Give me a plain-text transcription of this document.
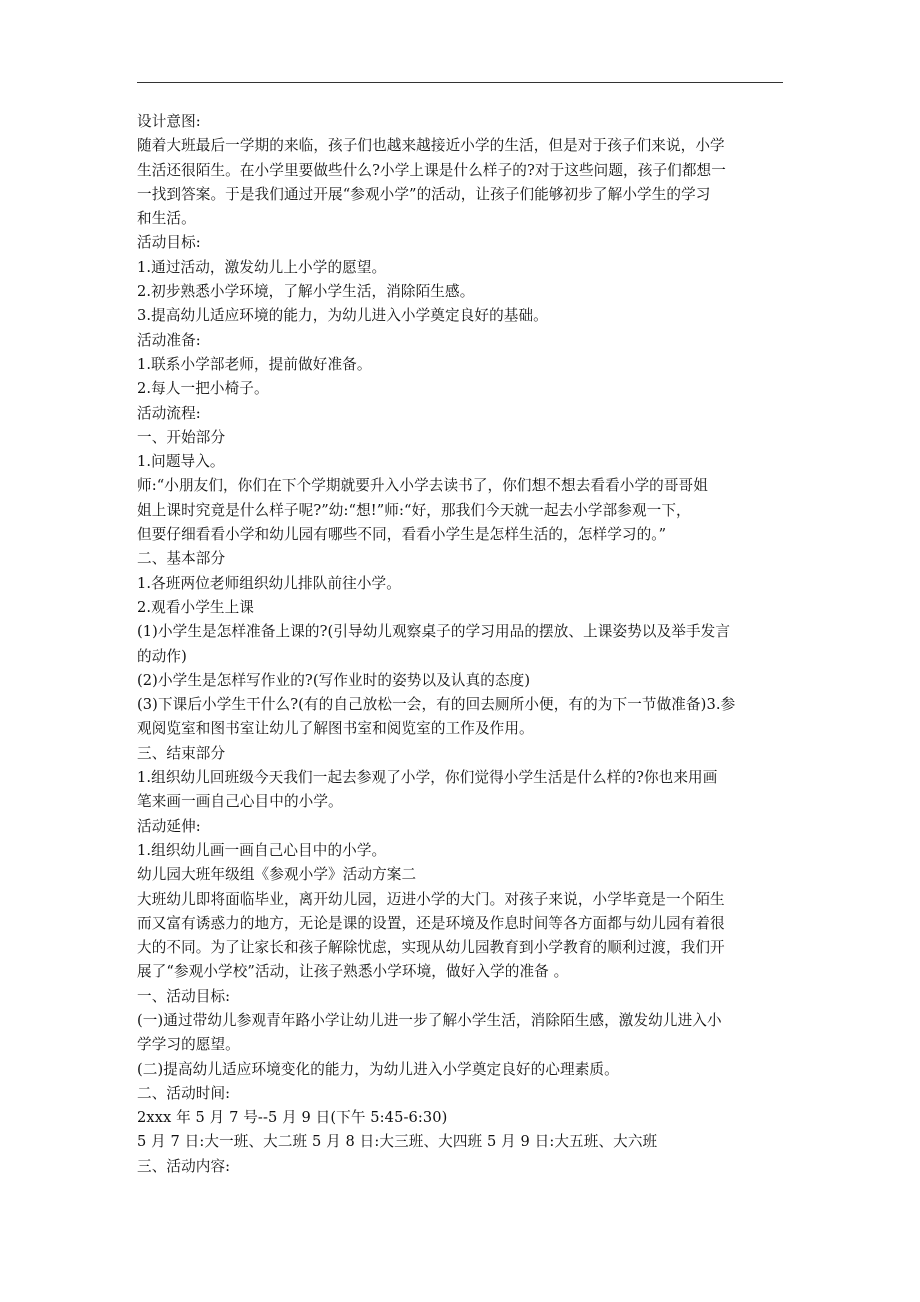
设计意图:

随着大班最后一学期的来临，孩子们也越来越接近小学的生活，但是对于孩子们来说，小学

生活还很陌生。在小学里要做些什么?小学上课是什么样子的?对于这些问题，孩子们都想一

一找到答案。于是我们通过开展“参观小学”的活动，让孩子们能够初步了解小学生的学习

和生活。

活动目标:

1.通过活动，激发幼儿上小学的愿望。

2.初步熟悉小学环境，了解小学生活，消除陌生感。

3.提高幼儿适应环境的能力，为幼儿进入小学奠定良好的基础。

活动准备:

1.联系小学部老师，提前做好准备。

2.每人一把小椅子。

活动流程:

一、开始部分

1.问题导入。

师:“小朋友们，你们在下个学期就要升入小学去读书了，你们想不想去看看小学的哥哥姐

姐上课时究竟是什么样子呢?”幼:“想!”师:“好，那我们今天就一起去小学部参观一下，

但要仔细看看小学和幼儿园有哪些不同，看看小学生是怎样生活的，怎样学习的。”

二、基本部分

1.各班两位老师组织幼儿排队前往小学。

2.观看小学生上课

(1)小学生是怎样准备上课的?(引导幼儿观察桌子的学习用品的摆放、上课姿势以及举手发言

的动作)

(2)小学生是怎样写作业的?(写作业时的姿势以及认真的态度)

(3)下课后小学生干什么?(有的自己放松一会，有的回去厕所小便，有的为下一节做准备)3.参

观阅览室和图书室让幼儿了解图书室和阅览室的工作及作用。

三、结束部分

1.组织幼儿回班级今天我们一起去参观了小学，你们觉得小学生活是什么样的?你也来用画

笔来画一画自己心目中的小学。

活动延伸:

1.组织幼儿画一画自己心目中的小学。

幼儿园大班年级组《参观小学》活动方案二

大班幼儿即将面临毕业，离开幼儿园，迈进小学的大门。对孩子来说，小学毕竟是一个陌生

而又富有诱惑力的地方，无论是课的设置，还是环境及作息时间等各方面都与幼儿园有着很

大的不同。为了让家长和孩子解除忧虑，实现从幼儿园教育到小学教育的顺利过渡，我们开

展了“参观小学校”活动，让孩子熟悉小学环境，做好入学的准备 。

一、活动目标:

(一)通过带幼儿参观青年路小学让幼儿进一步了解小学生活，消除陌生感，激发幼儿进入小

学学习的愿望。

(二)提高幼儿适应环境变化的能力，为幼儿进入小学奠定良好的心理素质。

二、活动时间:

2xxx 年 5 月 7 号--5 月 9 日(下午 5:45-6:30)

5 月 7 日:大一班、大二班 5 月 8 日:大三班、大四班 5 月 9 日:大五班、大六班

三、活动内容:
